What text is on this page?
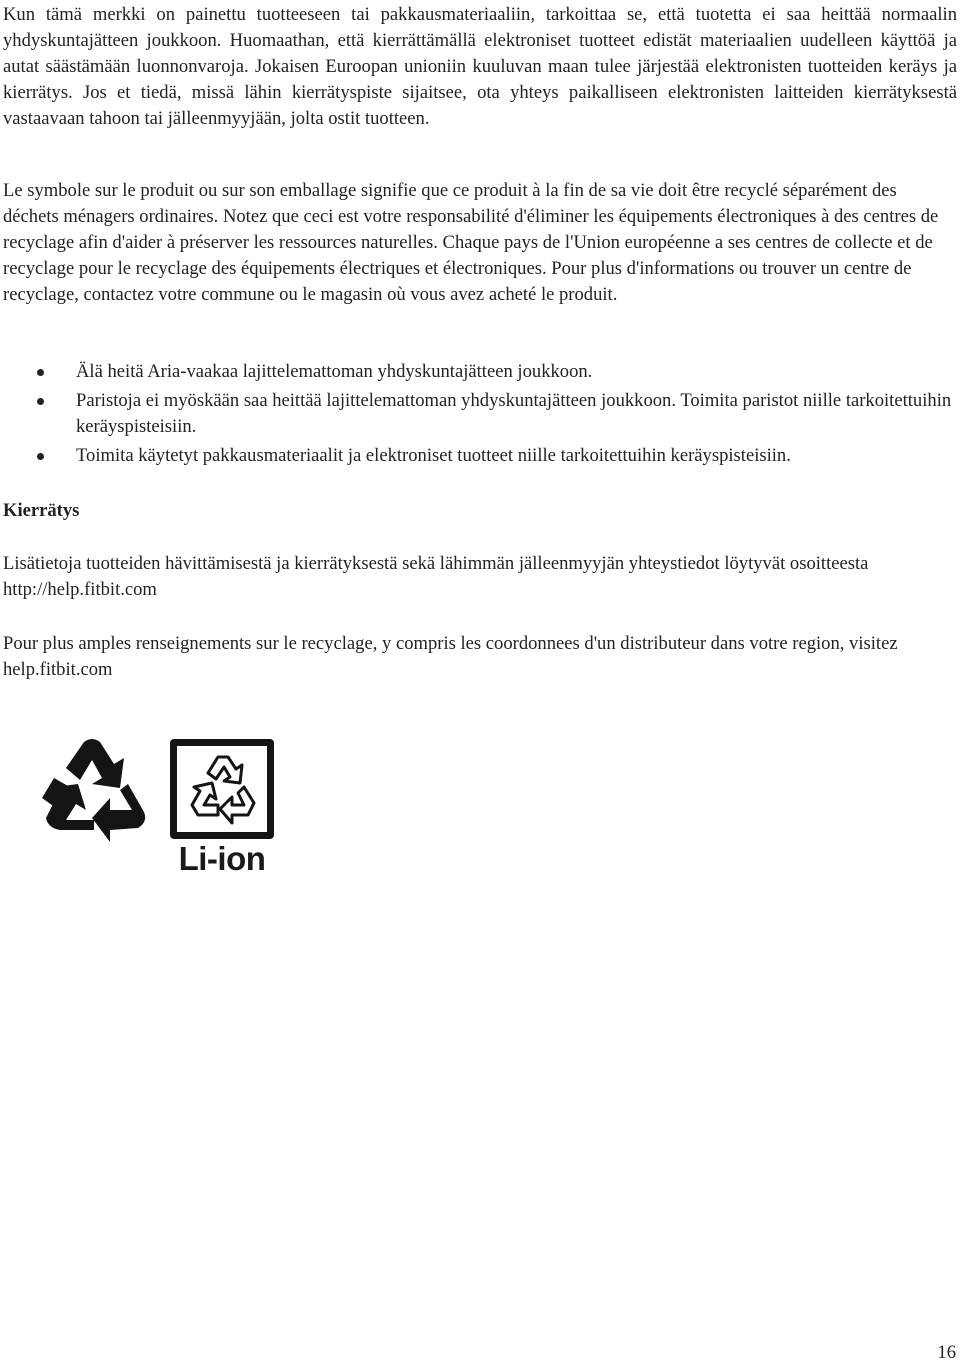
Kun tämä merkki on painettu tuotteeseen tai pakkausmateriaaliin, tarkoittaa se, että tuotetta ei saa heittää normaalin yhdyskuntajätteen joukkoon. Huomaathan, että kierrättämällä elektroniset tuotteet edistät materiaalien uudelleen käyttöä ja autat säästämään luonnonvaroja. Jokaisen Euroopan unioniin kuuluvan maan tulee järjestää elektronisten tuotteiden keräys ja kierrätys. Jos et tiedä, missä lähin kierrätyspiste sijaitsee, ota yhteys paikalliseen elektronisten laitteiden kierrätyksestä vastaavaan tahoon tai jälleenmyyjään, jolta ostit tuotteen.

Le symbole sur le produit ou sur son emballage signifie que ce produit à la fin de sa vie doit être recyclé séparément des déchets ménagers ordinaires. Notez que ceci est votre responsabilité d'éliminer les équipements électroniques à des centres de recyclage afin d'aider à préserver les ressources naturelles. Chaque pays de l'Union européenne a ses centres de collecte et de recyclage pour le recyclage des équipements électriques et électroniques. Pour plus d'informations ou trouver un centre de recyclage, contactez votre commune ou le magasin où vous avez acheté le produit.

Älä heitä Aria-vaakaa lajittelemattoman yhdyskuntajätteen joukkoon.
Paristoja ei myöskään saa heittää lajittelemattoman yhdyskuntajätteen joukkoon. Toimita paristot niille tarkoitettuihin keräyspisteisiin.
Toimita käytetyt pakkausmateriaalit ja elektroniset tuotteet niille tarkoitettuihin keräyspisteisiin.
Kierrätys

Lisätietoja tuotteiden hävittämisestä ja kierrätyksestä sekä lähimmän jälleenmyyjän yhteystiedot löytyvät osoitteesta http://help.fitbit.com

Pour plus amples renseignements sur le recyclage, y compris les coordonnees d'un distributeur dans votre region, visitez help.fitbit.com

Li-ion
16
